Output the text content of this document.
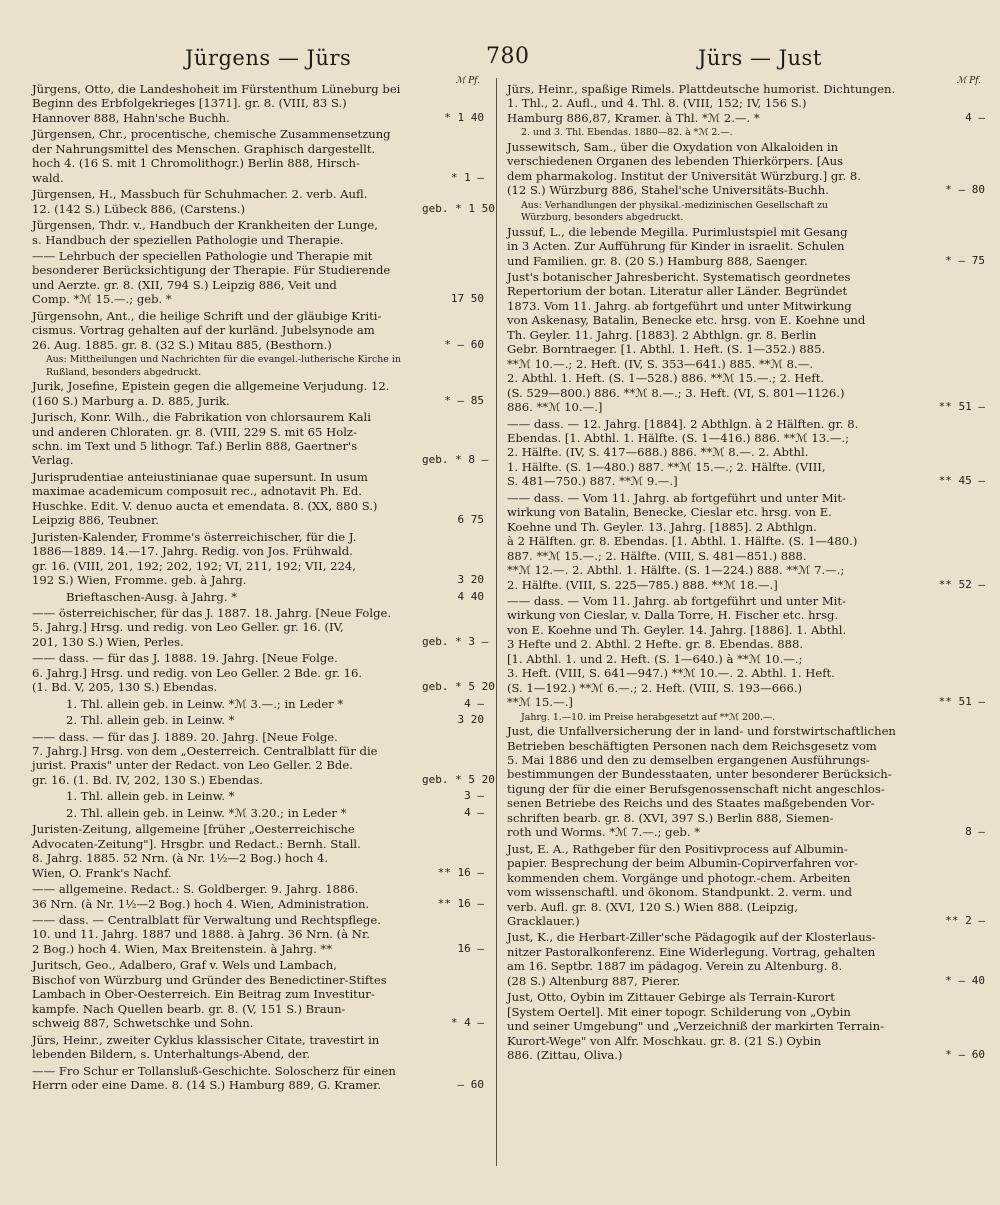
Jürgens — Jürs	780	Jürs — Just
ℳ Pf.
Jürgens, Otto, die Landeshoheit im Fürstenthum Lüneburg bei
Beginn des Erbfolgekrieges [1371]. gr. 8. (VIII, 83 S.)
Hannover 888, Hahn'sche Buchh.	* 1 40
Jürgensen, Chr., procentische, chemische Zusammensetzung
der Nahrungsmittel des Menschen. Graphisch dargestellt.
hoch 4. (16 S. mit 1 Chromolithogr.) Berlin 888, Hirsch-
wald.	* 1 —
Jürgensen, H., Massbuch für Schuhmacher. 2. verb. Aufl.
12. (142 S.) Lübeck 886, (Carstens.)	geb. * 1 50
Jürgensen, Thdr. v., Handbuch der Krankheiten der Lunge,
s. Handbuch der speziellen Pathologie und Therapie.
—— Lehrbuch der speciellen Pathologie und Therapie mit
besonderer Berücksichtigung der Therapie. Für Studierende
und Aerzte. gr. 8. (XII, 794 S.) Leipzig 886, Veit und
Comp. *ℳ 15.—.; geb. *	17 50
Jürgensohn, Ant., die heilige Schrift und der gläubige Kriti-
cismus. Vortrag gehalten auf der kurländ. Jubelsynode am
26. Aug. 1885. gr. 8. (32 S.) Mitau 885, (Besthorn.)	* — 60
Aus: Mittheilungen und Nachrichten für die evangel.-lutherische Kirche in
Rußland, besonders abgedruckt.
Jurik, Josefine, Epistein gegen die allgemeine Verjudung. 12.
(160 S.) Marburg a. D. 885, Jurik.	* — 85
Jurisch, Konr. Wilh., die Fabrikation von chlorsaurem Kali
und anderen Chloraten. gr. 8. (VIII, 229 S. mit 65 Holz-
schn. im Text und 5 lithogr. Taf.) Berlin 888, Gaertner's
Verlag.	geb. * 8 —
Jurisprudentiae anteiustinianae quae supersunt. In usum
maximae academicum composuit rec., adnotavit Ph. Ed.
Huschke. Edit. V. denuo aucta et emendata. 8. (XX, 880 S.)
Leipzig 886, Teubner.	6 75
Juristen-Kalender, Fromme's österreichischer, für die J.
1886—1889. 14.—17. Jahrg. Redig. von Jos. Frühwald.
gr. 16. (VIII, 201, 192; 202, 192; VI, 211, 192; VII, 224,
192 S.) Wien, Fromme. geb. à Jahrg.	3 20
Brieftaschen-Ausg. à Jahrg. *	4 40
—— österreichischer, für das J. 1887. 18. Jahrg. [Neue Folge.
5. Jahrg.] Hrsg. und redig. von Leo Geller. gr. 16. (IV,
201, 130 S.) Wien, Perles.	geb. * 3 —
—— dass. — für das J. 1888. 19. Jahrg. [Neue Folge.
6. Jahrg.] Hrsg. und redig. von Leo Geller. 2 Bde. gr. 16.
(1. Bd. V, 205, 130 S.) Ebendas.	geb. * 5 20
1. Thl. allein geb. in Leinw. *ℳ 3.—.; in Leder *	4 —
2. Thl. allein geb. in Leinw. *	3 20
—— dass. — für das J. 1889. 20. Jahrg. [Neue Folge.
7. Jahrg.] Hrsg. von dem „Oesterreich. Centralblatt für die
jurist. Praxis" unter der Redact. von Leo Geller. 2 Bde.
gr. 16. (1. Bd. IV, 202, 130 S.) Ebendas.	geb. * 5 20
1. Thl. allein geb. in Leinw. *	3 —
2. Thl. allein geb. in Leinw. *ℳ 3.20.; in Leder *	4 —
Juristen-Zeitung, allgemeine [früher „Oesterreichische
Advocaten-Zeitung"]. Hrsgbr. und Redact.: Bernh. Stall.
8. Jahrg. 1885. 52 Nrn. (à Nr. 1½—2 Bog.) hoch 4.
Wien, O. Frank's Nachf.	** 16 —
—— allgemeine. Redact.: S. Goldberger. 9. Jahrg. 1886.
36 Nrn. (à Nr. 1½—2 Bog.) hoch 4. Wien, Administration.	** 16 —
—— dass. — Centralblatt für Verwaltung und Rechtspflege.
10. und 11. Jahrg. 1887 und 1888. à Jahrg. 36 Nrn. (à Nr.
2 Bog.) hoch 4. Wien, Max Breitenstein. à Jahrg. **	16 —
Juritsch, Geo., Adalbero, Graf v. Wels und Lambach,
Bischof von Würzburg und Gründer des Benedictiner-Stiftes
Lambach in Ober-Oesterreich. Ein Beitrag zum Investitur-
kampfe. Nach Quellen bearb. gr. 8. (V, 151 S.) Braun-
schweig 887, Schwetschke und Sohn.	* 4 —
Jürs, Heinr., zweiter Cyklus klassischer Citate, travestirt in
lebenden Bildern, s. Unterhaltungs-Abend, der.
—— Fro Schur er Tollansluß-Geschichte. Soloscherz für einen
Herrn oder eine Dame. 8. (14 S.) Hamburg 889, G. Kramer.	— 60
ℳ Pf.
Jürs, Heinr., spaßige Rimels. Plattdeutsche humorist. Dichtungen.
1. Thl., 2. Aufl., und 4. Thl. 8. (VIII, 152; IV, 156 S.)
Hamburg 886,87, Kramer. à Thl. *ℳ 2.—. *	4 —
2. und 3. Thl. Ebendas. 1880—82. à *ℳ 2.—.
Jussewitsch, Sam., über die Oxydation von Alkaloiden in
verschiedenen Organen des lebenden Thierkörpers. [Aus
dem pharmakolog. Institut der Universität Würzburg.] gr. 8.
(12 S.) Würzburg 886, Stahel'sche Universitäts-Buchh.	* — 80
Aus: Verhandlungen der physikal.-medizinischen Gesellschaft zu
Würzburg, besonders abgedruckt.
Jussuf, L., die lebende Megilla. Purimlustspiel mit Gesang
in 3 Acten. Zur Aufführung für Kinder in israelit. Schulen
und Familien. gr. 8. (20 S.) Hamburg 888, Saenger.	* — 75
Just's botanischer Jahresbericht. Systematisch geordnetes
Repertorium der botan. Literatur aller Länder. Begründet
1873. Vom 11. Jahrg. ab fortgeführt und unter Mitwirkung
von Askenasy, Batalin, Benecke etc. hrsg. von E. Koehne und
Th. Geyler. 11. Jahrg. [1883]. 2 Abthlgn. gr. 8. Berlin
Gebr. Borntraeger. [1. Abthl. 1. Heft. (S. 1—352.) 885.
**ℳ 10.—.; 2. Heft. (IV, S. 353—641.) 885. **ℳ 8.—.
2. Abthl. 1. Heft. (S. 1—528.) 886. **ℳ 15.—.; 2. Heft.
(S. 529—800.) 886. **ℳ 8.—.; 3. Heft. (VI, S. 801—1126.)
886. **ℳ 10.—.]	** 51 —
—— dass. — 12. Jahrg. [1884]. 2 Abthlgn. à 2 Hälften. gr. 8.
Ebendas. [1. Abthl. 1. Hälfte. (S. 1—416.) 886. **ℳ 13.—.;
2. Hälfte. (IV, S. 417—688.) 886. **ℳ 8.—. 2. Abthl.
1. Hälfte. (S. 1—480.) 887. **ℳ 15.—.; 2. Hälfte. (VIII,
S. 481—750.) 887. **ℳ 9.—.]	** 45 —
—— dass. — Vom 11. Jahrg. ab fortgeführt und unter Mit-
wirkung von Batalin, Benecke, Cieslar etc. hrsg. von E.
Koehne und Th. Geyler. 13. Jahrg. [1885]. 2 Abthlgn.
à 2 Hälften. gr. 8. Ebendas. [1. Abthl. 1. Hälfte. (S. 1—480.)
887. **ℳ 15.—.; 2. Hälfte. (VIII, S. 481—851.) 888.
**ℳ 12.—. 2. Abthl. 1. Hälfte. (S. 1—224.) 888. **ℳ 7.—.;
2. Hälfte. (VIII, S. 225—785.) 888. **ℳ 18.—.]	** 52 —
—— dass. — Vom 11. Jahrg. ab fortgeführt und unter Mit-
wirkung von Cieslar, v. Dalla Torre, H. Fischer etc. hrsg.
von E. Koehne und Th. Geyler. 14. Jahrg. [1886]. 1. Abthl.
3 Hefte und 2. Abthl. 2 Hefte. gr. 8. Ebendas. 888.
[1. Abthl. 1. und 2. Heft. (S. 1—640.) à **ℳ 10.—.;
3. Heft. (VIII, S. 641—947.) **ℳ 10.—. 2. Abthl. 1. Heft.
(S. 1—192.) **ℳ 6.—.; 2. Heft. (VIII, S. 193—666.)
**ℳ 15.—.]	** 51 —
Jahrg. 1.—10. im Preise herabgesetzt auf **ℳ 200.—.
Just, die Unfallversicherung der in land- und forstwirtschaftlichen
Betrieben beschäftigten Personen nach dem Reichsgesetz vom
5. Mai 1886 und den zu demselben ergangenen Ausführungs-
bestimmungen der Bundesstaaten, unter besonderer Berücksich-
tigung der für die einer Berufsgenossenschaft nicht angeschlos-
senen Betriebe des Reichs und des Staates maßgebenden Vor-
schriften bearb. gr. 8. (XVI, 397 S.) Berlin 888, Siemen-
roth und Worms. *ℳ 7.—.; geb. *	8 —
Just, E. A., Rathgeber für den Positivprocess auf Albumin-
papier. Besprechung der beim Albumin-Copirverfahren vor-
kommenden chem. Vorgänge und photogr.-chem. Arbeiten
vom wissenschaftl. und ökonom. Standpunkt. 2. verm. und
verb. Aufl. gr. 8. (XVI, 120 S.) Wien 888. (Leipzig,
Gracklauer.)	** 2 —
Just, K., die Herbart-Ziller'sche Pädagogik auf der Klosterlaus-
nitzer Pastoralkonferenz. Eine Widerlegung. Vortrag, gehalten
am 16. Septbr. 1887 im pädagog. Verein zu Altenburg. 8.
(28 S.) Altenburg 887, Pierer.	* — 40
Just, Otto, Oybin im Zittauer Gebirge als Terrain-Kurort
[System Oertel]. Mit einer topogr. Schilderung von „Oybin
und seiner Umgebung" und „Verzeichniß der markirten Terrain-
Kurort-Wege" von Alfr. Moschkau. gr. 8. (21 S.) Oybin
886. (Zittau, Oliva.)	* — 60
